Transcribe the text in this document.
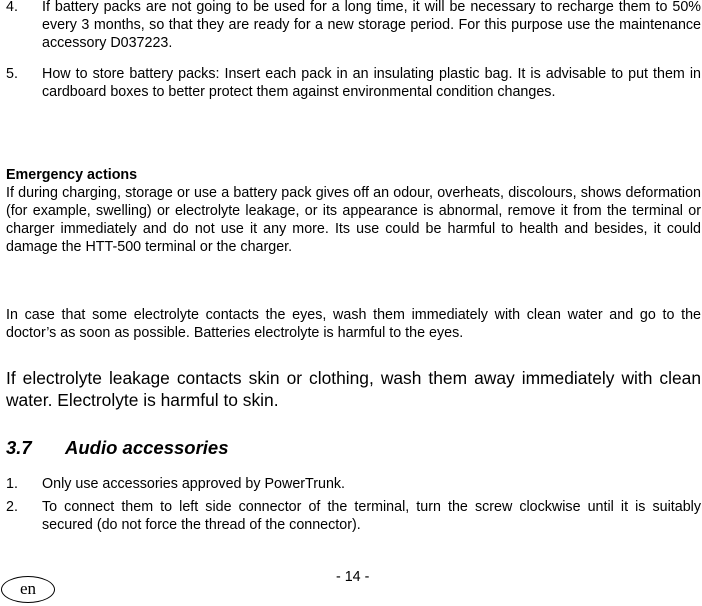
4. If battery packs are not going to be used for a long time, it will be necessary to recharge them to 50% every 3 months, so that they are ready for a new storage period. For this purpose use the maintenance accessory D037223.
5. How to store battery packs: Insert each pack in an insulating plastic bag. It is advisable to put them in cardboard boxes to better protect them against environmental condition changes.
Emergency actions
If during charging, storage or use a battery pack gives off an odour, overheats, discolours, shows deformation (for example, swelling) or electrolyte leakage, or its appearance is abnormal, remove it from the terminal or charger immediately and do not use it any more. Its use could be harmful to health and besides, it could damage the HTT-500 terminal or the charger.
In case that some electrolyte contacts the eyes, wash them immediately with clean water and go to the doctor’s as soon as possible. Batteries electrolyte is harmful to the eyes.
If electrolyte leakage contacts skin or clothing, wash them away immediately with clean water. Electrolyte is harmful to skin.
3.7 Audio accessories
1. Only use accessories approved by PowerTrunk.
2. To connect them to left side connector of the terminal, turn the screw clockwise until it is suitably secured (do not force the thread of the connector).
- 14 -
en
